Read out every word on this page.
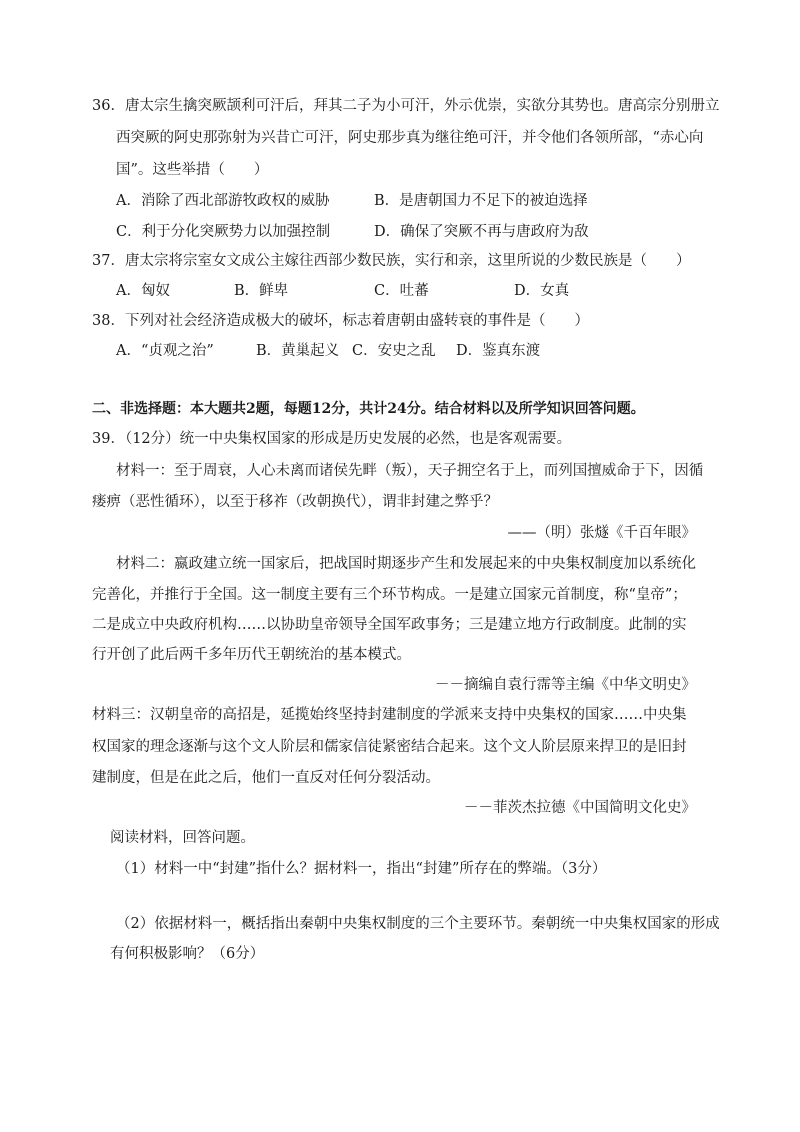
36．唐太宗生擒突厥颉利可汗后，拜其二子为小可汗，外示优崇，实欲分其势也。唐高宗分别册立
西突厥的阿史那弥射为兴昔亡可汗，阿史那步真为继往绝可汗，并令他们各领所部，“赤心向
国”。这些举措（　　）
A．消除了西北部游牧政权的威胁	B．是唐朝国力不足下的被迫选择
C．利于分化突厥势力以加强控制	D．确保了突厥不再与唐政府为敌
37．唐太宗将宗室女文成公主嫁往西部少数民族，实行和亲，这里所说的少数民族是（　　）
A．匈奴	B．鲜卑	C．吐蕃	D．女真
38．下列对社会经济造成极大的破坏，标志着唐朝由盛转衰的事件是（　　）
A．“贞观之治”	B．黄巢起义 C．安史之乱 D．鉴真东渡
二、非选择题：本大题共2题，每题12分，共计24分。结合材料以及所学知识回答问题。
39．（12分）统一中央集权国家的形成是历史发展的必然，也是客观需要。
材料一：至于周衰，人心未离而诸侯先畔（叛），天子拥空名于上，而列国擅威命于下，因循
瘘痹（恶性循环），以至于移祚（改朝换代），谓非封建之弊乎？
——（明）张燧《千百年眼》
材料二：嬴政建立统一国家后，把战国时期逐步产生和发展起来的中央集权制度加以系统化
完善化，并推行于全国。这一制度主要有三个环节构成。一是建立国家元首制度，称“皇帝”；
二是成立中央政府机构……以协助皇帝领导全国军政事务；三是建立地方行政制度。此制的实
行开创了此后两千多年历代王朝统治的基本模式。
－－摘编自袁行霈等主编《中华文明史》
材料三：汉朝皇帝的高招是，延揽始终坚持封建制度的学派来支持中央集权的国家……中央集
权国家的理念逐渐与这个文人阶层和儒家信徒紧密结合起来。这个文人阶层原来捍卫的是旧封
建制度，但是在此之后，他们一直反对任何分裂活动。
－－菲茨杰拉德《中国简明文化史》
阅读材料，回答问题。
（1）材料一中“封建”指什么？据材料一，指出“封建”所存在的弊端。（3分）
（2）依据材料一，概括指出秦朝中央集权制度的三个主要环节。秦朝统一中央集权国家的形成
有何积极影响？（6分）
